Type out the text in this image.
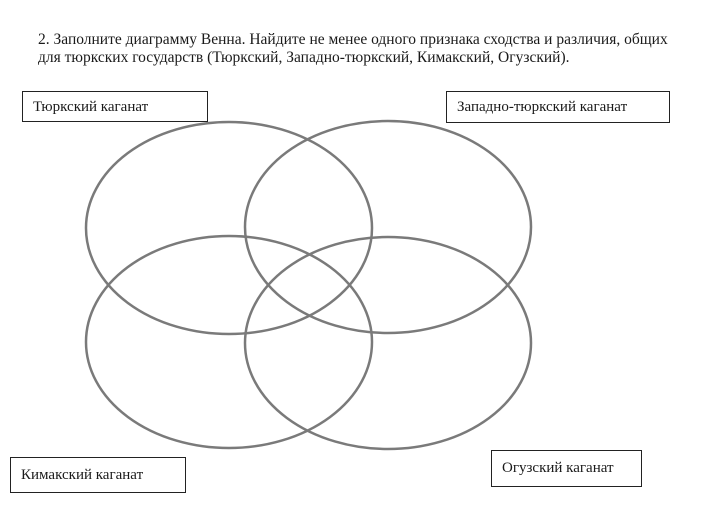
2. Заполните диаграмму Венна. Найдите не менее одного признака сходства и различия, общих
для тюркских государств (Тюркский, Западно-тюркский, Кимакский, Огузский).
Тюркский каганат	Западно-тюркский каганат
Кимакский каганат	Огузский каганат
